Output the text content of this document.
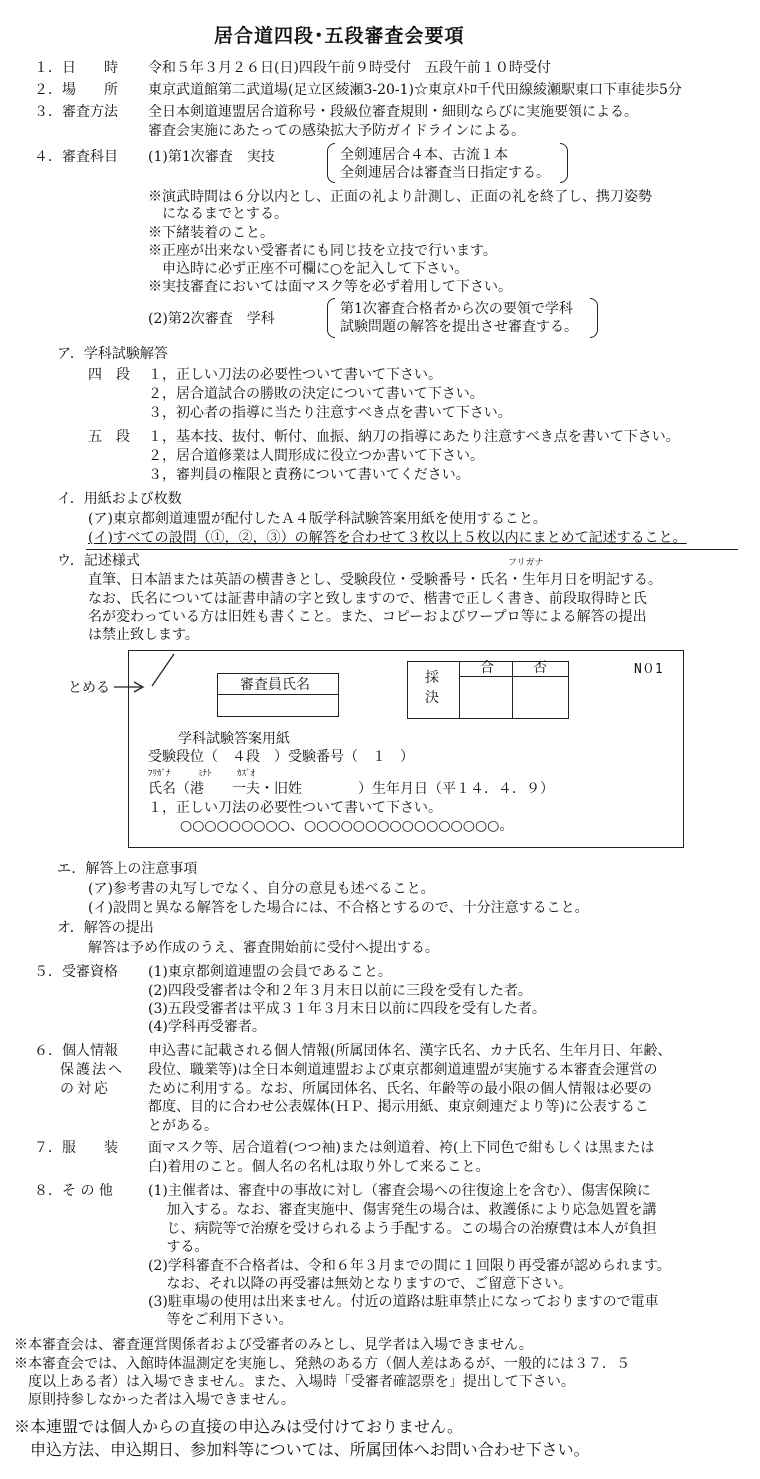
居合道四段･五段審査会要項
１．日　　時 令和５年３月２６日(日)四段午前９時受付　五段午前１０時受付
２．場　　所 東京武道館第二武道場(足立区綾瀬3-20-1)☆東京ﾒﾄﾛ千代田線綾瀬駅東口下車徒歩5分
３．審査方法 全日本剣道連盟居合道称号・段級位審査規則・細則ならびに実施要領による。
審査会実施にあたっての感染拡大予防ガイドラインによる。
４．審査科目 (1)第1次審査　実技	全剣連居合４本、古流１本
全剣連居合は審査当日指定する。
※演武時間は６分以内とし、正面の礼より計測し、正面の礼を終了し、携刀姿勢
　になるまでとする。
※下緒装着のこと。
※正座が出来ない受審者にも同じ技を立技で行います。
　申込時に必ず正座不可欄に○を記入して下さい。
※実技審査においては面マスク等を必ず着用して下さい。
(2)第2次審査　学科
第1次審査合格者から次の要領で学科
試験問題の解答を提出させ審査する。
ア．学科試験解答
四　段 １，正しい刀法の必要性ついて書いて下さい。
２，居合道試合の勝敗の決定について書いて下さい。
３，初心者の指導に当たり注意すべき点を書いて下さい。
五　段 １，基本技、抜付、斬付、血振、納刀の指導にあたり注意すべき点を書いて下さい。
２，居合道修業は人間形成に役立つか書いて下さい。
３，審判員の権限と責務について書いてください。
イ．用紙および枚数
(ア)東京都剣道連盟が配付したＡ４版学科試験答案用紙を使用すること。
(イ)すべての設問（①，②，③）の解答を合わせて３枚以上５枚以内にまとめて記述すること。
ウ．記述様式	フリガナ
直筆、日本語または英語の横書きとし、受験段位・受験番号・氏名・生年月日を明記する。
なお、氏名については証書申請の字と致しますので、楷書で正しく書き、前段取得時と氏
名が変わっている方は旧姓も書くこと。また、コピーおよびワープロ等による解答の提出
は禁止致します。
とめる	審査員氏名	採
決
合	否	N０1
学科試験答案用紙
受験段位（　４段　）受験番号（　１　）
ﾌﾘｶﾞﾅ	ﾐﾅﾄ	ｶｽﾞｵ
氏名（港　　一夫・旧姓　　　　）生年月日（平１４．４．９）
１，正しい刀法の必要性ついて書いて下さい。
○○○○○○○○○、○○○○○○○○○○○○○○○○。
エ．解答上の注意事項
(ア)参考書の丸写しでなく、自分の意見も述べること。
(イ)設問と異なる解答をした場合には、不合格とするので、十分注意すること。
オ．解答の提出
解答は予め作成のうえ、審査開始前に受付へ提出する。
５．受審資格 (1)東京都剣道連盟の会員であること。
(2)四段受審者は令和２年３月末日以前に三段を受有した者。
(3)五段受審者は平成３１年３月末日以前に四段を受有した者。
(4)学科再受審者。
６．個人情報
保護法へ
の対応
申込書に記載される個人情報(所属団体名、漢字氏名、カナ氏名、生年月日、年齢、
段位、職業等)は全日本剣道連盟および東京都剣道連盟が実施する本審査会運営の
ために利用する。なお、所属団体名、氏名、年齢等の最小限の個人情報は必要の
都度、目的に合わせ公表媒体(ＨＰ、掲示用紙、東京剣連だより等)に公表するこ
とがある。
７．服　　装 面マスク等、居合道着(つつ袖)または剣道着、袴(上下同色で紺もしくは黒または
白)着用のこと。個人名の名札は取り外して来ること。
８．そ の 他	(1)主催者は、審査中の事故に対し（審査会場への往復途上を含む）、傷害保険に
　 加入する。なお、審査実施中、傷害発生の場合は、救護係により応急処置を講
　 じ、病院等で治療を受けられるよう手配する。この場合の治療費は本人が負担
　 する。
(2)学科審査不合格者は、令和６年３月までの間に１回限り再受審が認められます。
　 なお、それ以降の再受審は無効となりますので、ご留意下さい。
(3)駐車場の使用は出来ません。付近の道路は駐車禁止になっておりますので電車
　 等をご利用下さい。
※本審査会は、審査運営関係者および受審者のみとし、見学者は入場できません。
※本審査会では、入館時体温測定を実施し、発熱のある方（個人差はあるが、一般的には３７．５
　度以上ある者）は入場できません。また、入場時「受審者確認票を」提出して下さい。
　原則持参しなかった者は入場できません。
※本連盟では個人からの直接の申込みは受付けておりません。
　申込方法、申込期日、参加料等については、所属団体へお問い合わせ下さい。
